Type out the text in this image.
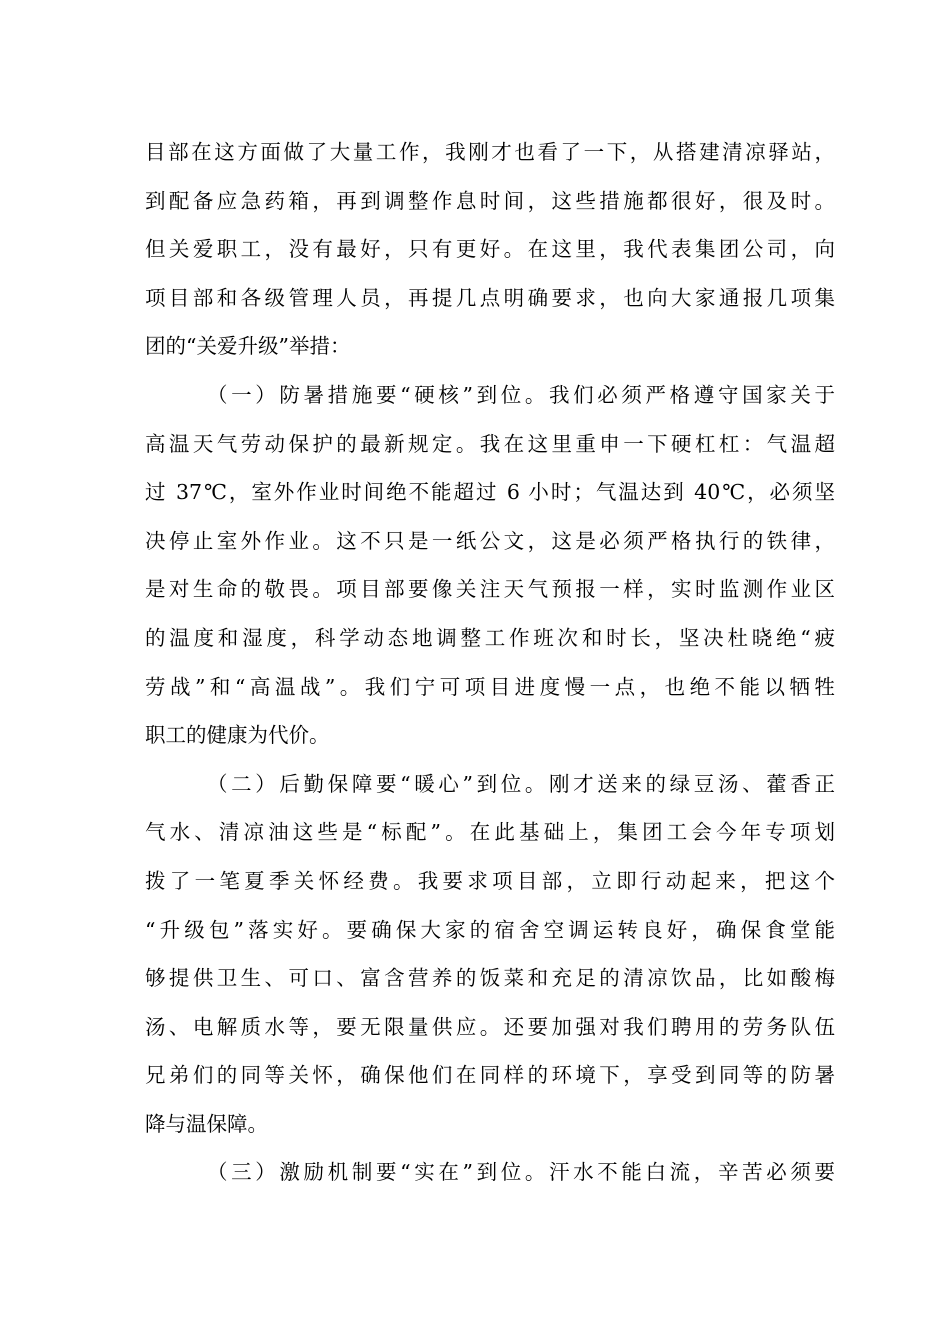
目部在这方面做了大量工作，我刚才也看了一下，从搭建清凉驿站，
到配备应急药箱，再到调整作息时间，这些措施都很好，很及时。
但关爱职工，没有最好，只有更好。在这里，我代表集团公司，向
项目部和各级管理人员，再提几点明确要求，也向大家通报几项集
团的“关爱升级”举措：
（一）防暑措施要“硬核”到位。我们必须严格遵守国家关于
高温天气劳动保护的最新规定。我在这里重申一下硬杠杠：气温超
过 37℃，室外作业时间绝不能超过 6 小时；气温达到 40℃，必须坚
决停止室外作业。这不只是一纸公文，这是必须严格执行的铁律，
是对生命的敬畏。项目部要像关注天气预报一样，实时监测作业区
的温度和湿度，科学动态地调整工作班次和时长，坚决杜晓绝“疲
劳战”和“高温战”。我们宁可项目进度慢一点，也绝不能以牺牲
职工的健康为代价。
（二）后勤保障要“暖心”到位。刚才送来的绿豆汤、藿香正
气水、清凉油这些是“标配”。在此基础上，集团工会今年专项划
拨了一笔夏季关怀经费。我要求项目部，立即行动起来，把这个
“升级包”落实好。要确保大家的宿舍空调运转良好，确保食堂能
够提供卫生、可口、富含营养的饭菜和充足的清凉饮品，比如酸梅
汤、电解质水等，要无限量供应。还要加强对我们聘用的劳务队伍
兄弟们的同等关怀，确保他们在同样的环境下，享受到同等的防暑
降与温保障。
（三）激励机制要“实在”到位。汗水不能白流，辛苦必须要
